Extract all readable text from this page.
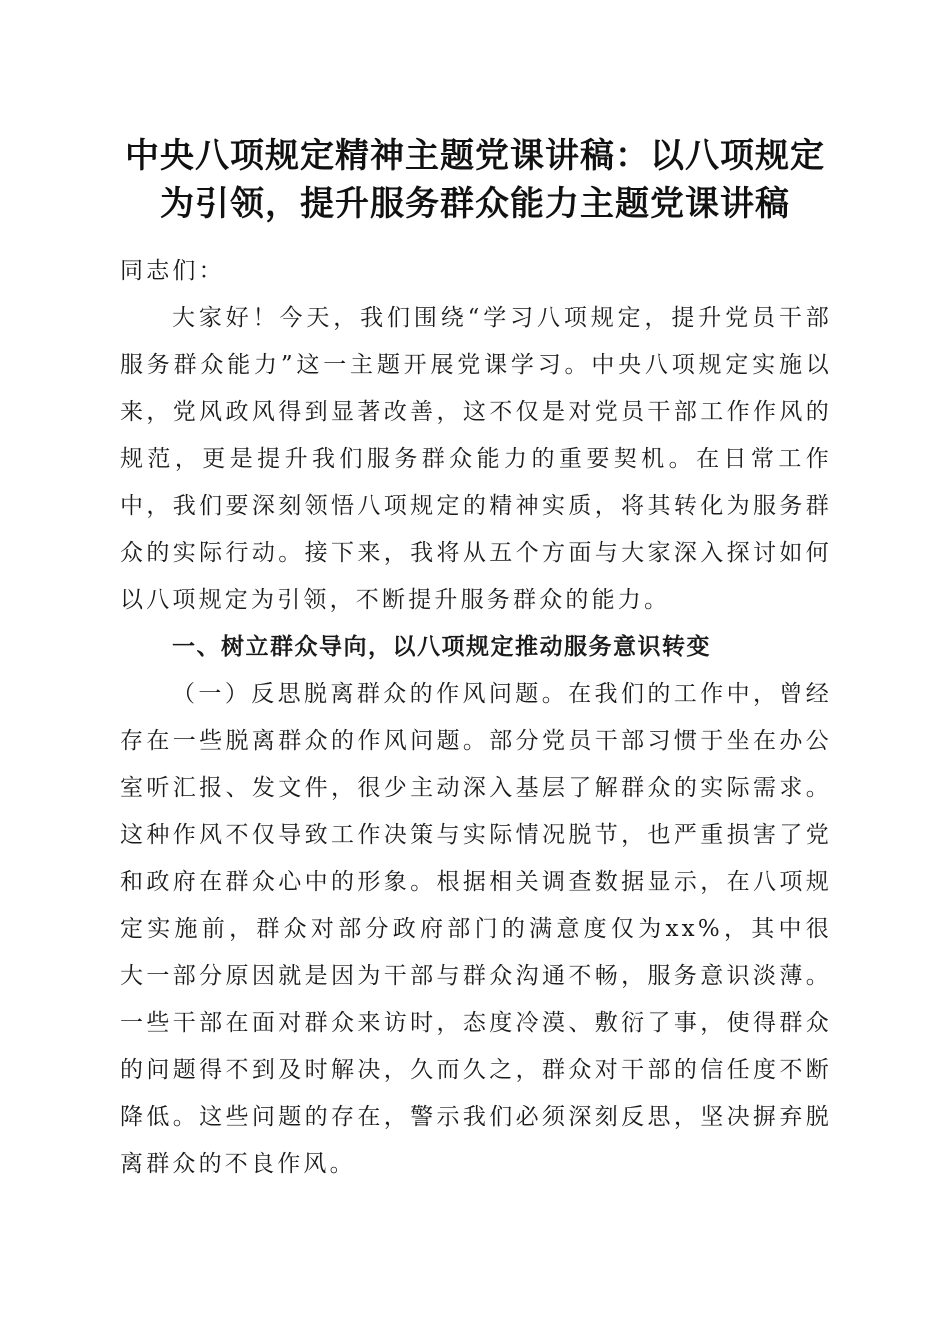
中央八项规定精神主题党课讲稿：以八项规定
为引领，提升服务群众能力主题党课讲稿

同志们：

大家好！今天，我们围绕“学习八项规定，提升党员干部服务群众能力”这一主题开展党课学习。中央八项规定实施以来，党风政风得到显著改善，这不仅是对党员干部工作作风的规范，更是提升我们服务群众能力的重要契机。在日常工作中，我们要深刻领悟八项规定的精神实质，将其转化为服务群众的实际行动。接下来，我将从五个方面与大家深入探讨如何以八项规定为引领，不断提升服务群众的能力。

一、树立群众导向，以八项规定推动服务意识转变

（一）反思脱离群众的作风问题。在我们的工作中，曾经存在一些脱离群众的作风问题。部分党员干部习惯于坐在办公室听汇报、发文件，很少主动深入基层了解群众的实际需求。这种作风不仅导致工作决策与实际情况脱节，也严重损害了党和政府在群众心中的形象。根据相关调查数据显示，在八项规定实施前，群众对部分政府部门的满意度仅为xx%，其中很大一部分原因就是因为干部与群众沟通不畅，服务意识淡薄。一些干部在面对群众来访时，态度冷漠、敷衍了事，使得群众的问题得不到及时解决，久而久之，群众对干部的信任度不断降低。这些问题的存在，警示我们必须深刻反思，坚决摒弃脱离群众的不良作风。
